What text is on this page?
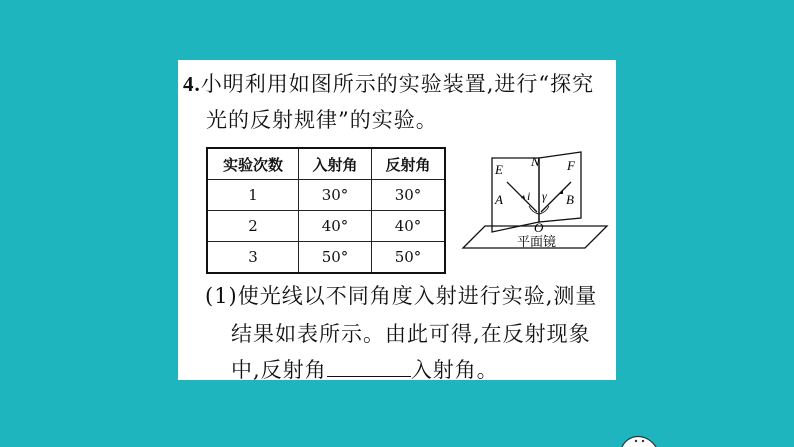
4.小明利用如图所示的实验装置,进行“探究
光的反射规律”的实验。
实验次数	入射角	反射角
1	30°	30°
2	40°	40°
3	50°	50°
E
N F
A i γ B
O
平面镜
(1)使光线以不同角度入射进行实验,测量
结果如表所示。由此可得,在反射现象
中,反射角	入射角。
